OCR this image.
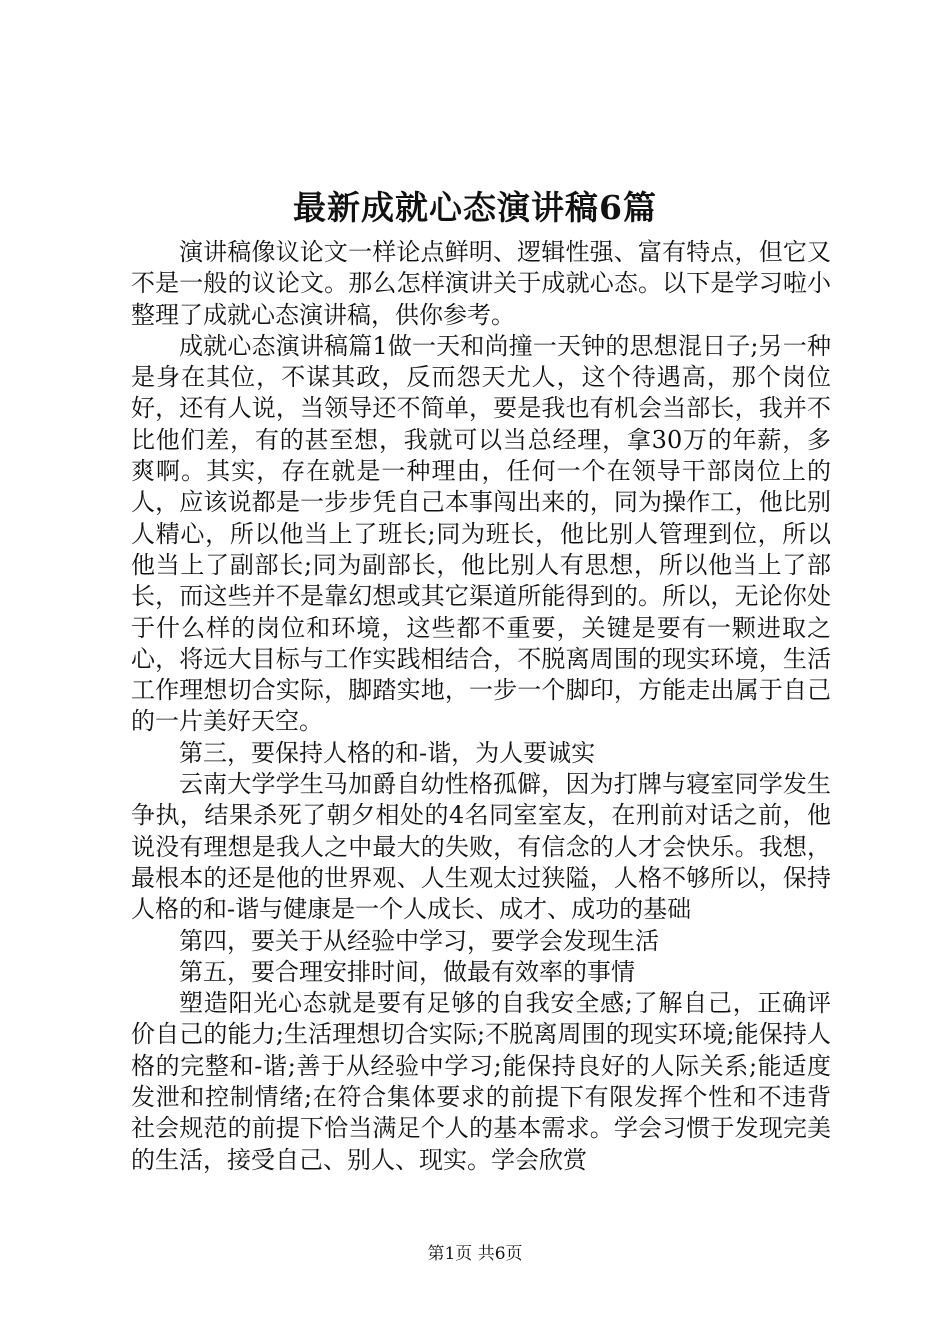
最新成就心态演讲稿6篇

演讲稿像议论文一样论点鲜明、逻辑性强、富有特点，但它又不是一般的议论文。那么怎样演讲关于成就心态。以下是学习啦小整理了成就心态演讲稿，供你参考。

成就心态演讲稿篇1做一天和尚撞一天钟的思想混日子;另一种是身在其位，不谋其政，反而怨天尤人，这个待遇高，那个岗位好，还有人说，当领导还不简单，要是我也有机会当部长，我并不比他们差，有的甚至想，我就可以当总经理，拿30万的年薪，多爽啊。其实，存在就是一种理由，任何一个在领导干部岗位上的人，应该说都是一步步凭自己本事闯出来的，同为操作工，他比别人精心，所以他当上了班长;同为班长，他比别人管理到位，所以他当上了副部长;同为副部长，他比别人有思想，所以他当上了部长，而这些并不是靠幻想或其它渠道所能得到的。所以，无论你处于什么样的岗位和环境，这些都不重要，关键是要有一颗进取之心，将远大目标与工作实践相结合，不脱离周围的现实环境，生活工作理想切合实际，脚踏实地，一步一个脚印，方能走出属于自己的一片美好天空。

第三，要保持人格的和-谐，为人要诚实

云南大学学生马加爵自幼性格孤僻，因为打牌与寝室同学发生争执，结果杀死了朝夕相处的4名同室室友，在刑前对话之前，他说没有理想是我人之中最大的失败，有信念的人才会快乐。我想，最根本的还是他的世界观、人生观太过狭隘，人格不够所以，保持人格的和-谐与健康是一个人成长、成才、成功的基础

第四，要关于从经验中学习，要学会发现生活

第五，要合理安排时间，做最有效率的事情

塑造阳光心态就是要有足够的自我安全感;了解自己，正确评价自己的能力;生活理想切合实际;不脱离周围的现实环境;能保持人格的完整和-谐;善于从经验中学习;能保持良好的人际关系;能适度发泄和控制情绪;在符合集体要求的前提下有限发挥个性和不违背社会规范的前提下恰当满足个人的基本需求。学会习惯于发现完美的生活，接受自己、别人、现实。学会欣赏

第1页 共6页
